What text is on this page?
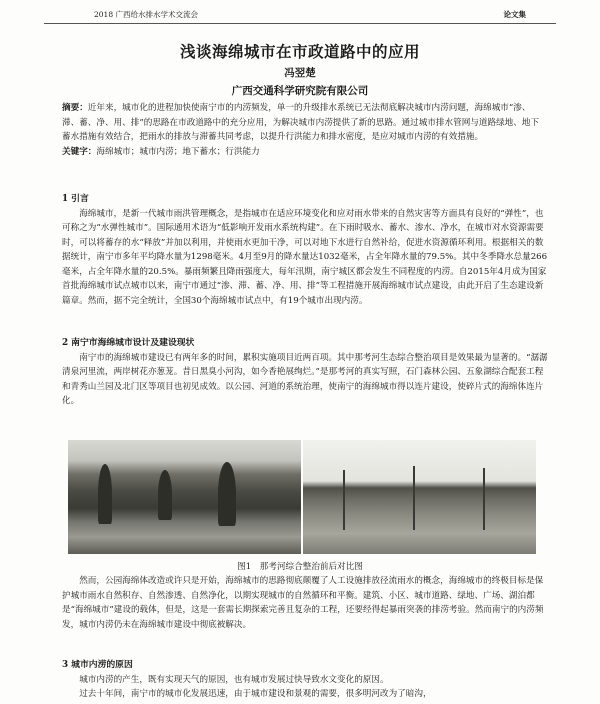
2018 广西给水排水学术交流会	论文集
浅谈海绵城市在市政道路中的应用
冯翌楚
广西交通科学研究院有限公司
摘要：近年来，城市化的进程加快使南宁市的内涝频发，单一的升级排水系统已无法彻底解决城市内涝问题，海绵城市“渗、滞、蓄、净、用、排”的思路在市政道路中的充分应用，为解决城市内涝提供了新的思路。通过城市排水管网与道路绿地、地下蓄水措施有效结合，把雨水的排放与滞蓄共同考虑，以提升行洪能力和排水密度，是应对城市内涝的有效措施。
关键字：海绵城市；城市内涝；地下蓄水；行洪能力
1 引言

海绵城市，是新一代城市雨洪管理概念，是指城市在适应环境变化和应对雨水带来的自然灾害等方面具有良好的“弹性”，也可称之为“水弹性城市”。国际通用术语为“低影响开发雨水系统构建”。在下雨时吸水、蓄水、渗水、净水，在城市对水资源需要时，可以将蓄存的水“释放”并加以利用，并使雨水更加干净，可以对地下水进行自然补给，促进水资源循环利用。根据相关的数据统计，南宁市多年平均降水量为1298毫米。4月至9月的降水量达1032毫米，占全年降水量的79.5%。其中冬季降水总量266毫米，占全年降水量的20.5%。暴雨频繁且降雨强度大，每年汛期，南宁城区都会发生不同程度的内涝。自2015年4月成为国家首批海绵城市试点城市以来，南宁市通过“渗、滞、蓄、净、用、排”等工程措施开展海绵城市试点建设，由此开启了生态建设新篇章。然而，据不完全统计，全国30个海绵城市试点中，有19个城市出现内涝。

2 南宁市海绵城市设计及建设现状

南宁市的海绵城市建设已有两年多的时间，累积实施项目近两百项。其中那考河生态综合整治项目是效果最为显著的。“潺潺清泉河里流，两岸树花亦葱茏。昔日黑臭小河沟，如今香艳展绚烂。”是那考河的真实写照，石门森林公园、五象湖综合配套工程和青秀山兰园及北门区等项目也初见成效。以公园、河道的系统治理，使南宁的海绵城市得以连片建设，使碎片式的海绵体连片化。

图1　那考河综合整治前后对比图

然而，公园海绵体改造或许只是开始，海绵城市的思路彻底颠覆了人工设施排放径流雨水的概念，海绵城市的终极目标是保护城市雨水自然积存、自然渗透、自然净化，以期实现城市的自然循环和平衡。建筑、小区、城市道路、绿地、广场、湖泊都是“海绵城市”建设的载体，但是，这是一套需长期探索完善且复杂的工程，还要经得起暴雨突袭的排涝考验。然而南宁的内涝频发，城市内涝仍未在海绵城市建设中彻底被解决。

3 城市内涝的原因

城市内涝的产生，既有实现天气的原因，也有城市发展过快导致水文变化的原因。

过去十年间，南宁市的城市化发展迅速，由于城市建设和景观的需要，很多明河改为了暗沟，
